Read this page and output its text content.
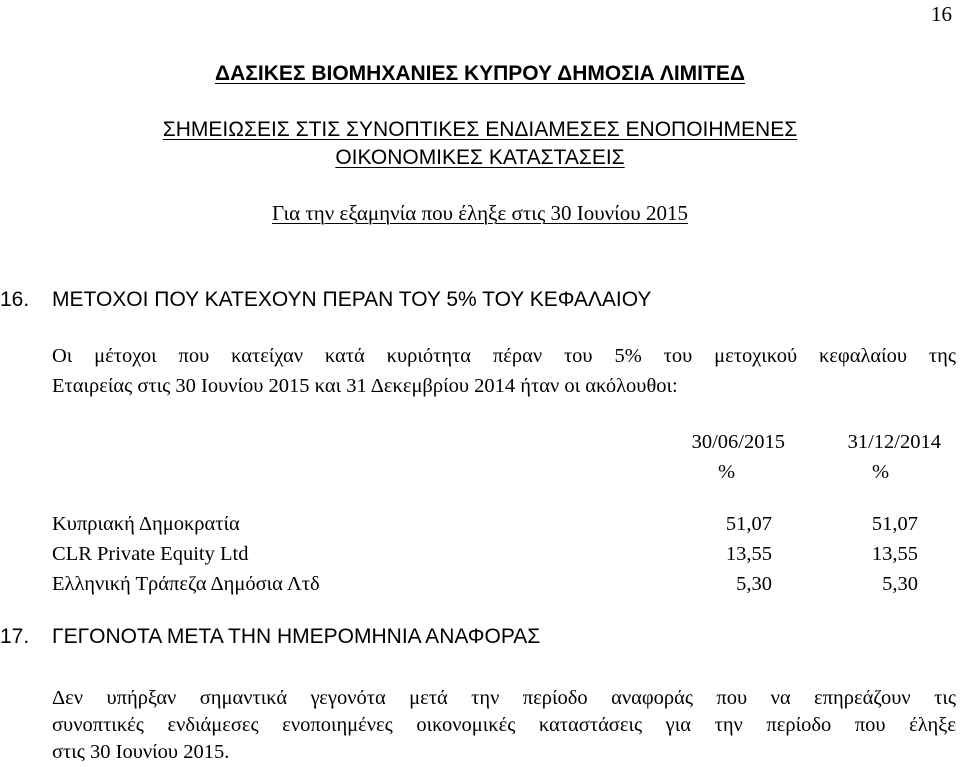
16
ΔΑΣΙΚΕΣ ΒΙΟΜΗΧΑΝΙΕΣ ΚΥΠΡΟΥ ΔΗΜΟΣΙΑ ΛΙΜΙΤΕΔ
ΣΗΜΕΙΩΣΕΙΣ ΣΤΙΣ ΣΥΝΟΠΤΙΚΕΣ ΕΝΔΙΑΜΕΣΕΣ ΕΝΟΠΟΙΗΜΕΝΕΣ
ΟΙΚΟΝΟΜΙΚΕΣ ΚΑΤΑΣΤΑΣΕΙΣ
Για την εξαμηνία που έληξε στις 30 Ιουνίου 2015
16. ΜΕΤΟΧΟΙ ΠΟΥ ΚΑΤΕΧΟΥΝ ΠΕΡΑΝ ΤΟΥ 5% ΤΟΥ ΚΕΦΑΛΑΙΟΥ
Οι μέτοχοι που κατείχαν κατά κυριότητα πέραν του 5% του μετοχικού κεφαλαίου της
Εταιρείας στις 30 Ιουνίου 2015 και 31 Δεκεμβρίου 2014 ήταν οι ακόλουθοι:
30/06/2015	31/12/2014
%	%
Κυπριακή Δημοκρατία	51,07	51,07
CLR Private Equity Ltd	13,55	13,55
Ελληνική Τράπεζα Δημόσια Λτδ	5,30	5,30
17. ΓΕΓΟΝΟΤΑ ΜΕΤΑ ΤΗΝ ΗΜΕΡΟΜΗΝΙΑ ΑΝΑΦΟΡΑΣ
Δεν υπήρξαν σημαντικά γεγονότα μετά την περίοδο αναφοράς που να επηρεάζουν τις
συνοπτικές ενδιάμεσες ενοποιημένες οικονομικές καταστάσεις για την περίοδο που έληξε
στις 30 Ιουνίου 2015.
